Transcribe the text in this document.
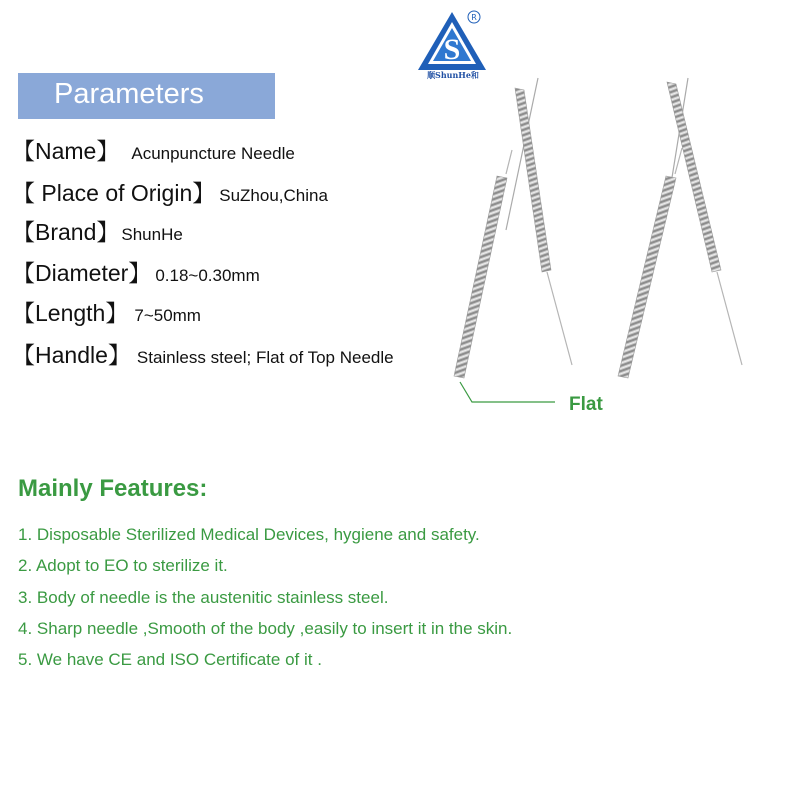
S
R
顺ShunHe和
Parameters
【Name】 Acunpuncture Needle
【 Place of Origin】 SuZhou,China
【Brand】 ShunHe
【Diameter】 0.18~0.30mm
【Length】 7~50mm
【Handle】 Stainless steel; Flat of Top Needle
Flat
Mainly Features:
1. Disposable Sterilized Medical Devices, hygiene and safety.
2. Adopt to EO to sterilize it.
3. Body of needle is the austenitic stainless steel.
4. Sharp needle ,Smooth of the body ,easily to insert it in the skin.
5. We have CE and ISO Certificate of it .
